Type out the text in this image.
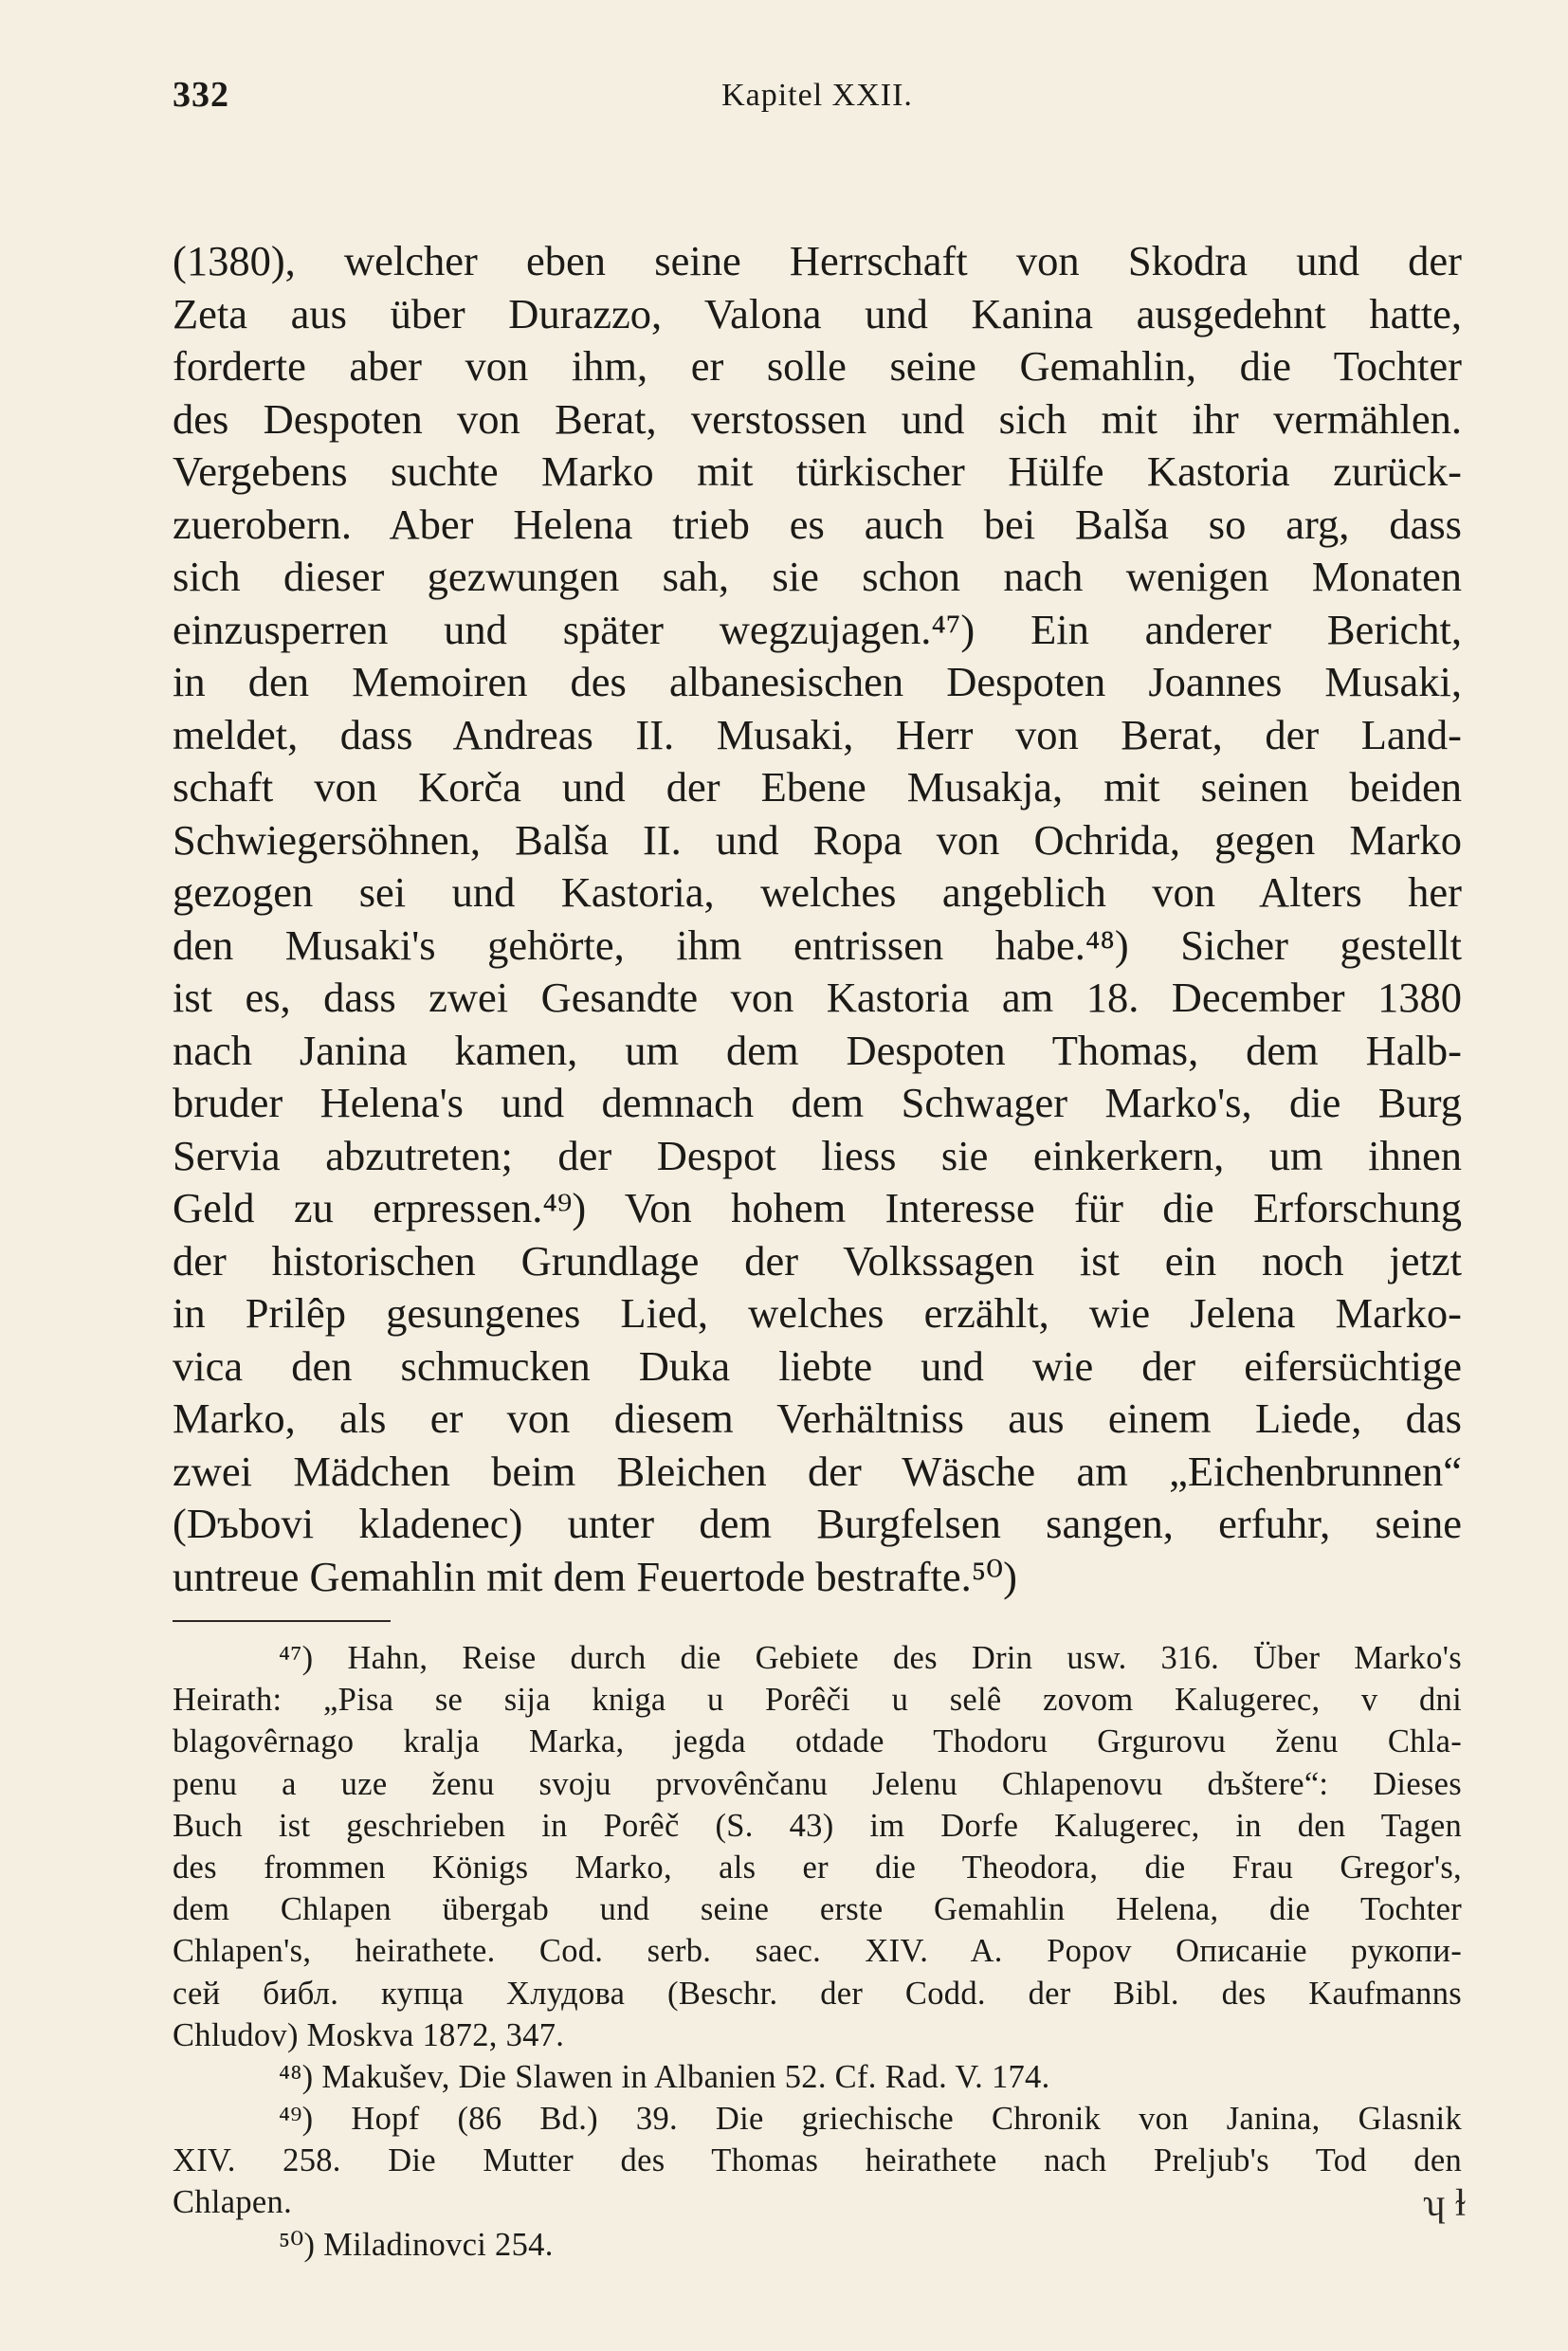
332	Kapitel XXII.
(1380), welcher eben seine Herrschaft von Skodra und der
Zeta aus über Durazzo, Valona und Kanina ausgedehnt hatte,
forderte aber von ihm, er solle seine Gemahlin, die Tochter
des Despoten von Berat, verstossen und sich mit ihr vermählen.
Vergebens suchte Marko mit türkischer Hülfe Kastoria zurück-
zuerobern. Aber Helena trieb es auch bei Balša so arg, dass
sich dieser gezwungen sah, sie schon nach wenigen Monaten
einzusperren und später wegzujagen.⁴⁷) Ein anderer Bericht,
in den Memoiren des albanesischen Despoten Joannes Musaki,
meldet, dass Andreas II. Musaki, Herr von Berat, der Land-
schaft von Korča und der Ebene Musakja, mit seinen beiden
Schwiegersöhnen, Balša II. und Ropa von Ochrida, gegen Marko
gezogen sei und Kastoria, welches angeblich von Alters her
den Musaki's gehörte, ihm entrissen habe.⁴⁸) Sicher gestellt
ist es, dass zwei Gesandte von Kastoria am 18. December 1380
nach Janina kamen, um dem Despoten Thomas, dem Halb-
bruder Helena's und demnach dem Schwager Marko's, die Burg
Servia abzutreten; der Despot liess sie einkerkern, um ihnen
Geld zu erpressen.⁴⁹) Von hohem Interesse für die Erforschung
der historischen Grundlage der Volkssagen ist ein noch jetzt
in Prilêp gesungenes Lied, welches erzählt, wie Jelena Marko-
vica den schmucken Duka liebte und wie der eifersüchtige
Marko, als er von diesem Verhältniss aus einem Liede, das
zwei Mädchen beim Bleichen der Wäsche am „Eichenbrunnen“
(Dъbovi kladenec) unter dem Burgfelsen sangen, erfuhr, seine
untreue Gemahlin mit dem Feuertode bestrafte.⁵⁰)
⁴⁷) Hahn, Reise durch die Gebiete des Drin usw. 316. Über Marko's
Heirath: „Pisa se sija kniga u Porêči u selê zovom Kalugerec, v dni
blagovêrnago kralja Marka, jegda otdade Thodoru Grgurovu ženu Chla-
penu a uze ženu svoju prvovênčanu Jelenu Chlapenovu dъštere“: Dieses
Buch ist geschrieben in Porêč (S. 43) im Dorfe Kalugerec, in den Tagen
des frommen Königs Marko, als er die Theodora, die Frau Gregor's,
dem Chlapen übergab und seine erste Gemahlin Helena, die Tochter
Chlapen's, heirathete. Cod. serb. saec. XIV. A. Popov Описаніе рукопи-
сей библ. купца Хлудова (Beschr. der Codd. der Bibl. des Kaufmanns
Chludov) Moskva 1872, 347.
⁴⁸) Makušev, Die Slawen in Albanien 52. Cf. Rad. V. 174.
⁴⁹) Hopf (86 Bd.) 39. Die griechische Chronik von Janina, Glasnik
XIV. 258. Die Mutter des Thomas heirathete nach Preljub's Tod den
Chlapen.
⁵⁰) Miladinovci 254.
ʮ ɫ
